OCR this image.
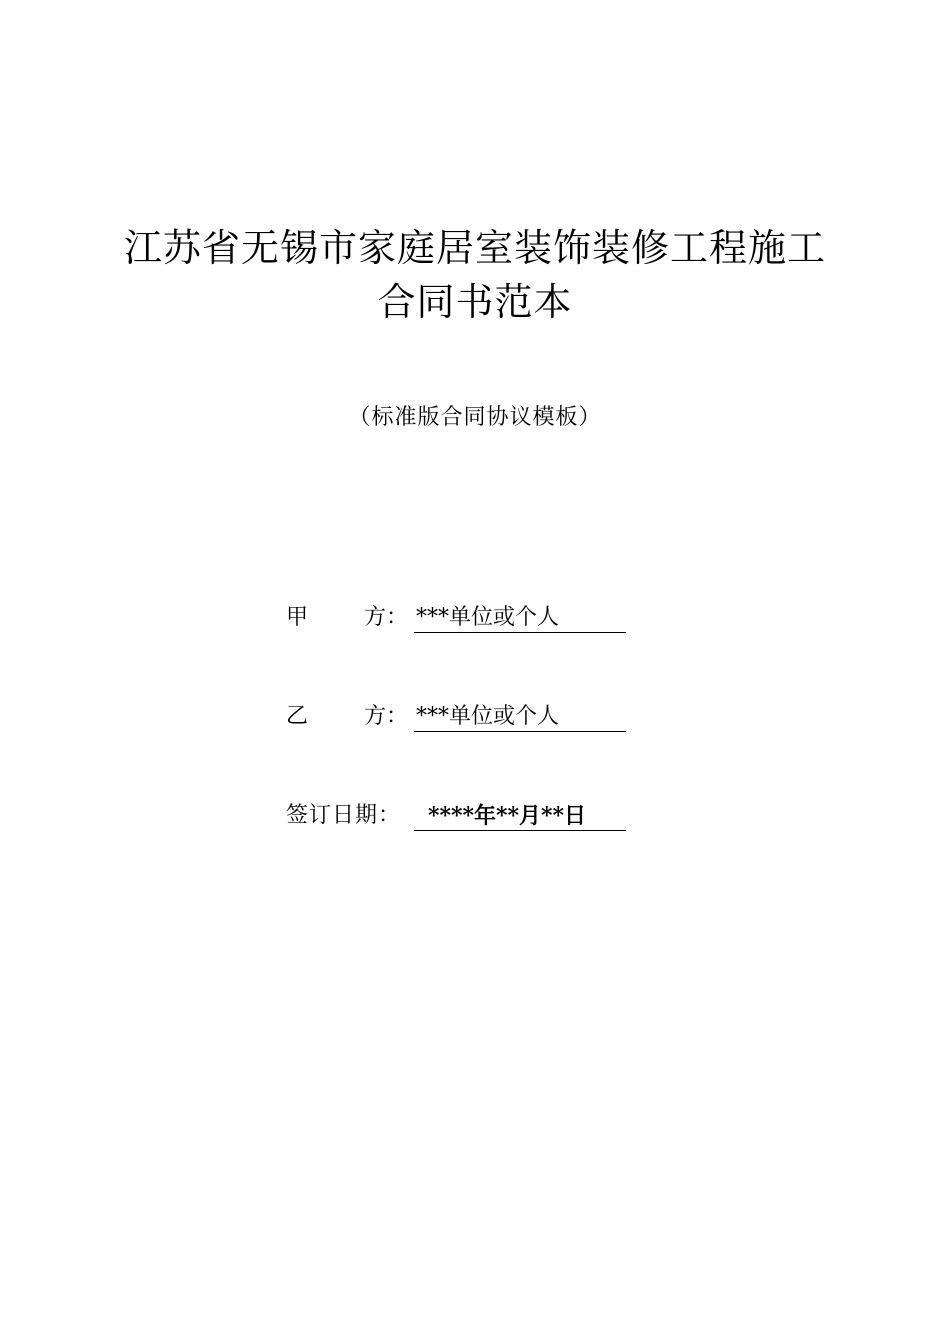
江苏省无锡市家庭居室装饰装修工程施工
合同书范本
（标准版合同协议模板）
甲	方 ： ***单位或个人
乙	方 ： ***单位或个人
签订日期：	****年**月**日
